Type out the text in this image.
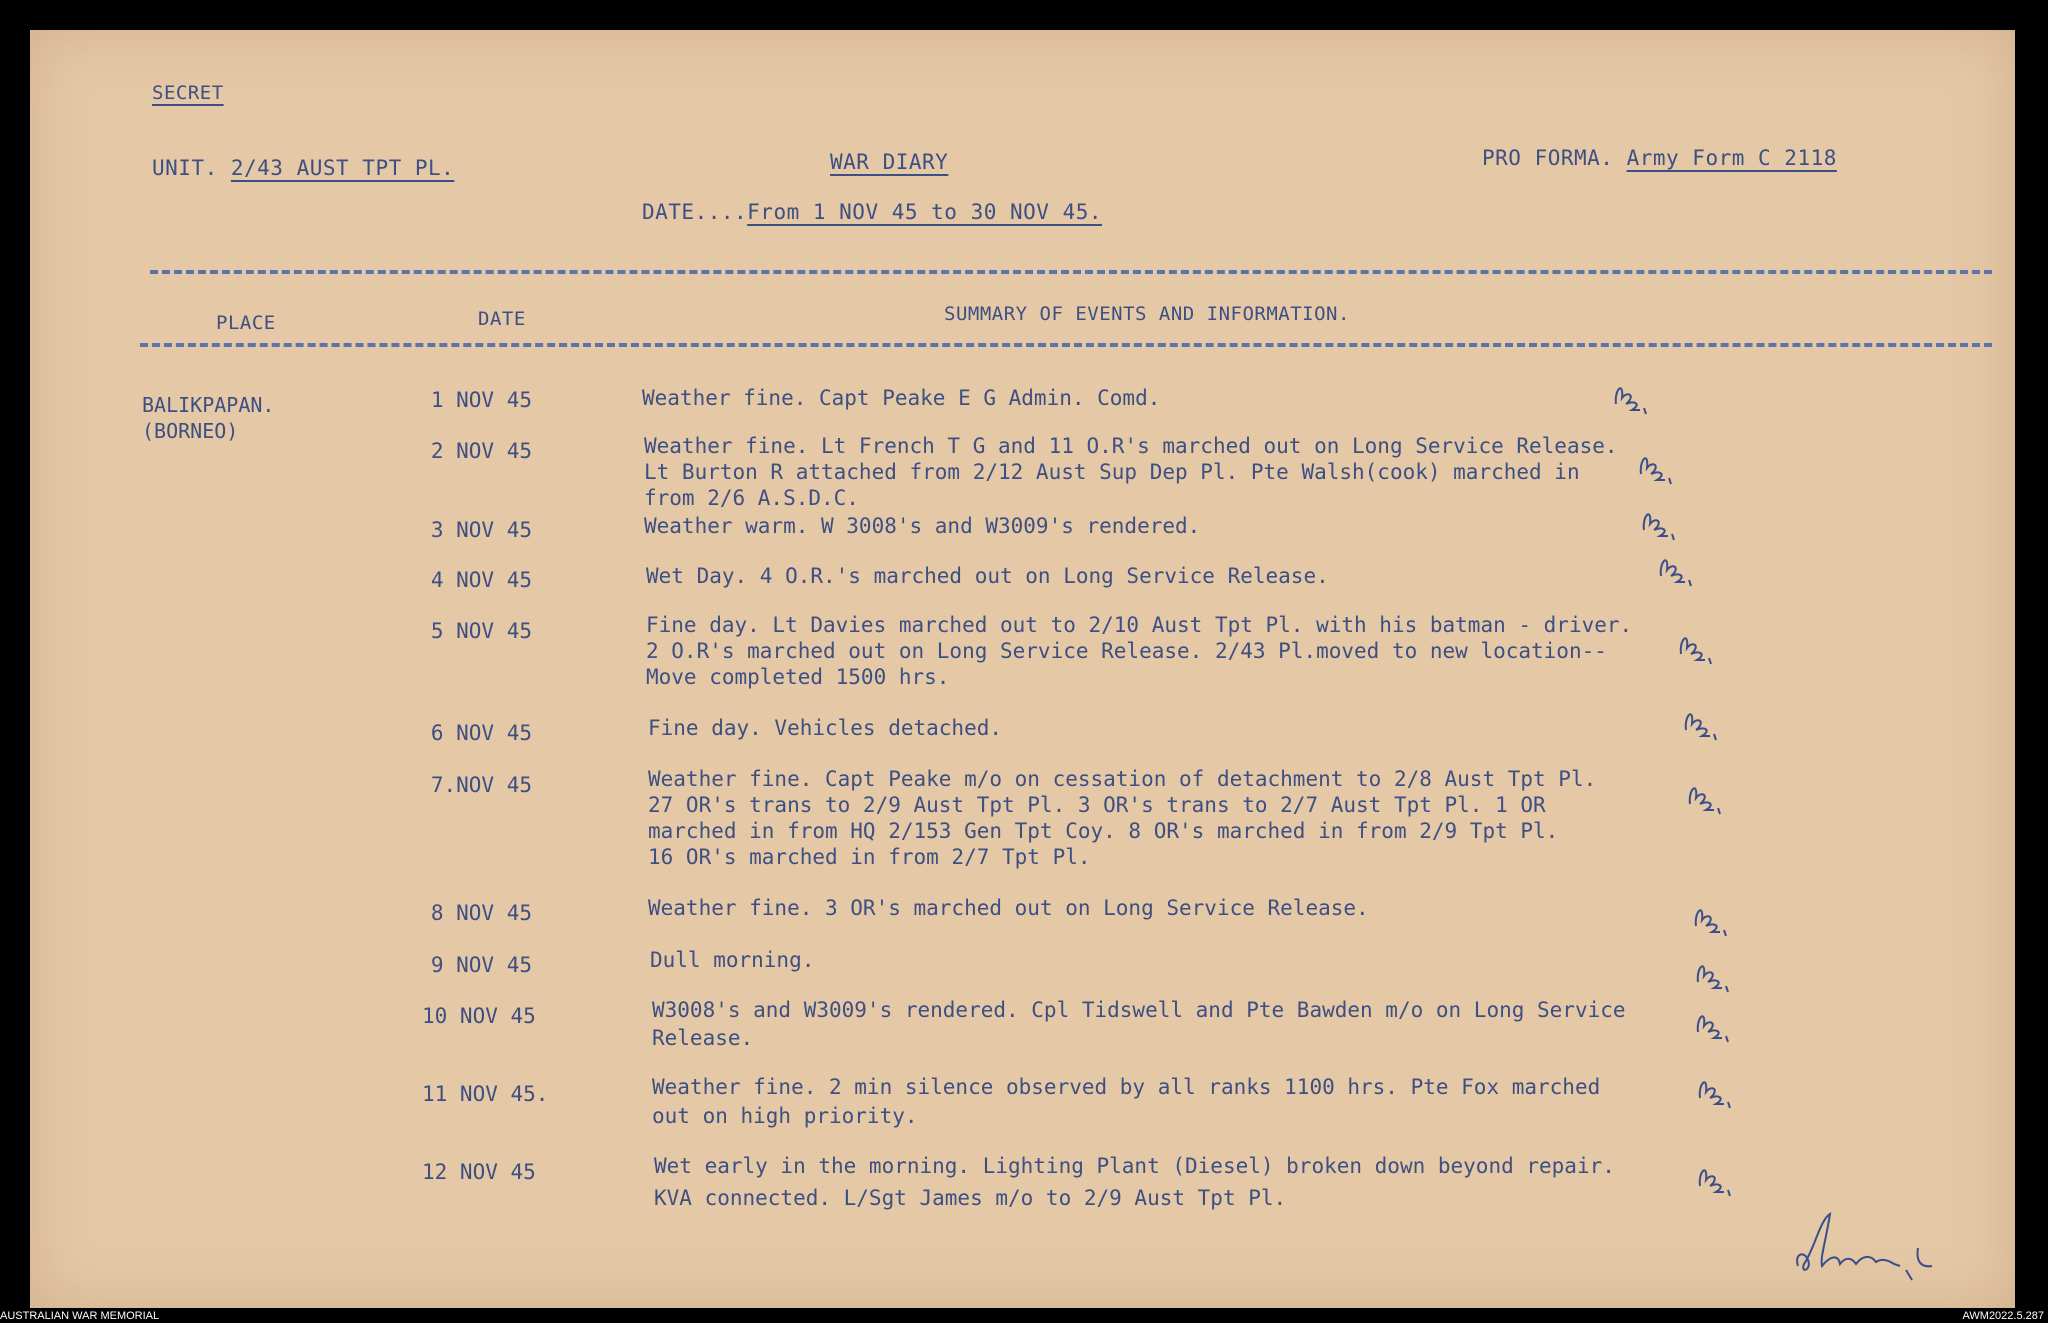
SECRET
UNIT. 2/43 AUST TPT PL.	WAR DIARY	PRO FORMA. Army Form C 2118
DATE....From 1 NOV 45 to 30 NOV 45.
PLACE	DATE	SUMMARY OF EVENTS AND INFORMATION.
BALIKPAPAN.
(BORNEO)
1 NOV 45	Weather fine. Capt Peake E G Admin. Comd.
2 NOV 45	Weather fine. Lt French T G and 11 O.R's marched out on Long Service Release.
Lt Burton R attached from 2/12 Aust Sup Dep Pl. Pte Walsh(cook) marched in
from 2/6 A.S.D.C.
3 NOV 45	Weather warm. W 3008's and W3009's rendered.
4 NOV 45	Wet Day. 4 O.R.'s marched out on Long Service Release.
5 NOV 45	Fine day. Lt Davies marched out to 2/10 Aust Tpt Pl. with his batman - driver.
2 O.R's marched out on Long Service Release. 2/43 Pl.moved to new location--
Move completed 1500 hrs.
6 NOV 45	Fine day. Vehicles detached.
7.NOV 45	Weather fine. Capt Peake m/o on cessation of detachment to 2/8 Aust Tpt Pl.
27 OR's trans to 2/9 Aust Tpt Pl. 3 OR's trans to 2/7 Aust Tpt Pl. 1 OR
marched in from HQ 2/153 Gen Tpt Coy. 8 OR's marched in from 2/9 Tpt Pl.
16 OR's marched in from 2/7 Tpt Pl.
8 NOV 45	Weather fine. 3 OR's marched out on Long Service Release.
9 NOV 45	Dull morning.
10 NOV 45	W3008's and W3009's rendered. Cpl Tidswell and Pte Bawden m/o on Long Service
Release.
11 NOV 45.	Weather fine. 2 min silence observed by all ranks 1100 hrs. Pte Fox marched
out on high priority.
12 NOV 45	Wet early in the morning. Lighting Plant (Diesel) broken down beyond repair.
KVA connected. L/Sgt James m/o to 2/9 Aust Tpt Pl.
AUSTRALIAN WAR MEMORIAL	AWM2022.5.287
